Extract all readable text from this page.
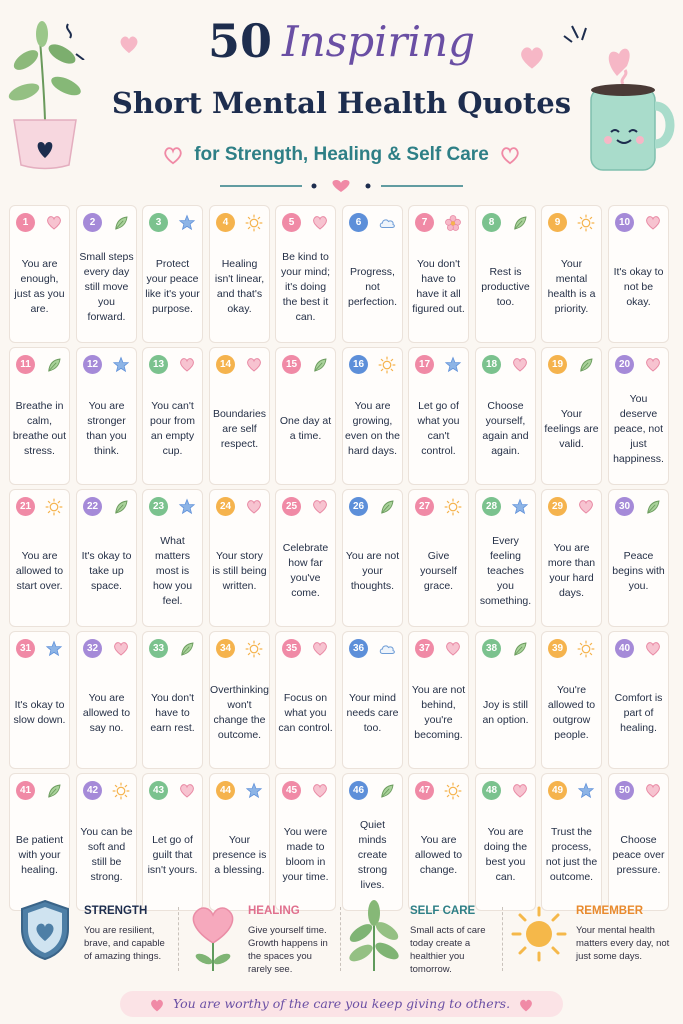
50 Inspiring
Short Mental Health Quotes
for Strength, Healing & Self Care
1
You are enough, just as you are.
2
Small steps every day still move you forward.
3
Protect your peace like it's your purpose.
4
Healing isn't linear, and that's okay.
5
Be kind to your mind; it's doing the best it can.
6
Progress, not perfection.
7
You don't have to have it all figured out.
8
Rest is productive too.
9
Your mental health is a priority.
10
It's okay to not be okay.
11
Breathe in calm, breathe out stress.
12
You are stronger than you think.
13
You can't pour from an empty cup.
14
Boundaries are self respect.
15
One day at a time.
16
You are growing, even on the hard days.
17
Let go of what you can't control.
18
Choose yourself, again and again.
19
Your feelings are valid.
20
You deserve peace, not just happiness.
21
You are allowed to start over.
22
It's okay to take up space.
23
What matters most is how you feel.
24
Your story is still being written.
25
Celebrate how far you've come.
26
You are not your thoughts.
27
Give yourself grace.
28
Every feeling teaches you something.
29
You are more than your hard days.
30
Peace begins with you.
31
It's okay to slow down.
32
You are allowed to say no.
33
You don't have to earn rest.
34
Overthinking won't change the outcome.
35
Focus on what you can control.
36
Your mind needs care too.
37
You are not behind, you're becoming.
38
Joy is still an option.
39
You're allowed to outgrow people.
40
Comfort is part of healing.
41
Be patient with your healing.
42
You can be soft and still be strong.
43
Let go of guilt that isn't yours.
44
Your presence is a blessing.
45
You were made to bloom in your time.
46
Quiet minds create strong lives.
47
You are allowed to change.
48
You are doing the best you can.
49
Trust the process, not just the outcome.
50
Choose peace over pressure.
STRENGTH
You are resilient, brave, and capable of amazing things.
HEALING
Give yourself time. Growth happens in the spaces you rarely see.
SELF CARE
Small acts of care today create a healthier you tomorrow.
REMEMBER
Your mental health matters every day, not just some days.
You are worthy of the care you keep giving to others.
